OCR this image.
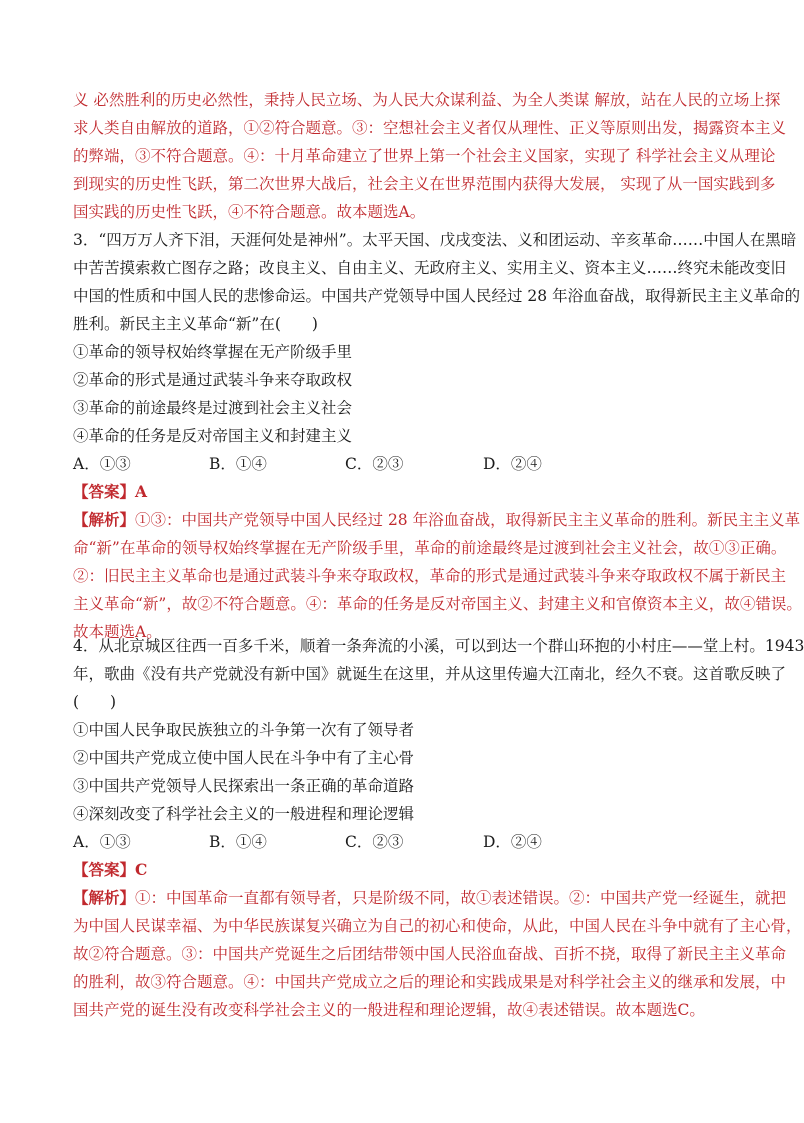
义 必然胜利的历史必然性，秉持人民立场、为人民大众谋利益、为全人类谋 解放，站在人民的立场上探
求人类自由解放的道路，①②符合题意。③：空想社会主义者仅从理性、正义等原则出发，揭露资本主义
的弊端，③不符合题意。④：十月革命建立了世界上第一个社会主义国家，实现了 科学社会主义从理论
到现实的历史性飞跃，第二次世界大战后，社会主义在世界范围内获得大发展， 实现了从一国实践到多
国实践的历史性飞跃，④不符合题意。故本题选A。
3．“四万万人齐下泪，天涯何处是神州”。太平天国、戊戌变法、义和团运动、辛亥革命……中国人在黑暗
中苦苦摸索救亡图存之路；改良主义、自由主义、无政府主义、实用主义、资本主义……终究未能改变旧
中国的性质和中国人民的悲惨命运。中国共产党领导中国人民经过 28 年浴血奋战，取得新民主主义革命的
胜利。新民主主义革命“新”在(　　)
①革命的领导权始终掌握在无产阶级手里
②革命的形式是通过武装斗争来夺取政权
③革命的前途最终是过渡到社会主义社会
④革命的任务是反对帝国主义和封建主义
A．①③	B．①④	C．②③	D．②④
【答案】A
【解析】①③：中国共产党领导中国人民经过 28 年浴血奋战，取得新民主主义革命的胜利。新民主主义革
命“新”在革命的领导权始终掌握在无产阶级手里，革命的前途最终是过渡到社会主义社会，故①③正确。
②：旧民主主义革命也是通过武装斗争来夺取政权，革命的形式是通过武装斗争来夺取政权不属于新民主
主义革命“新”，故②不符合题意。④：革命的任务是反对帝国主义、封建主义和官僚资本主义，故④错误。
故本题选A。
4．从北京城区往西一百多千米，顺着一条奔流的小溪，可以到达一个群山环抱的小村庄——堂上村。1943
年，歌曲《没有共产党就没有新中国》就诞生在这里，并从这里传遍大江南北，经久不衰。这首歌反映了
(　　)
①中国人民争取民族独立的斗争第一次有了领导者
②中国共产党成立使中国人民在斗争中有了主心骨
③中国共产党领导人民探索出一条正确的革命道路
④深刻改变了科学社会主义的一般进程和理论逻辑
A．①③	B．①④	C．②③	D．②④
【答案】C
【解析】①：中国革命一直都有领导者，只是阶级不同，故①表述错误。②：中国共产党一经诞生，就把
为中国人民谋幸福、为中华民族谋复兴确立为自己的初心和使命，从此，中国人民在斗争中就有了主心骨，
故②符合题意。③：中国共产党诞生之后团结带领中国人民浴血奋战、百折不挠，取得了新民主主义革命
的胜利，故③符合题意。④：中国共产党成立之后的理论和实践成果是对科学社会主义的继承和发展，中
国共产党的诞生没有改变科学社会主义的一般进程和理论逻辑，故④表述错误。故本题选C。
